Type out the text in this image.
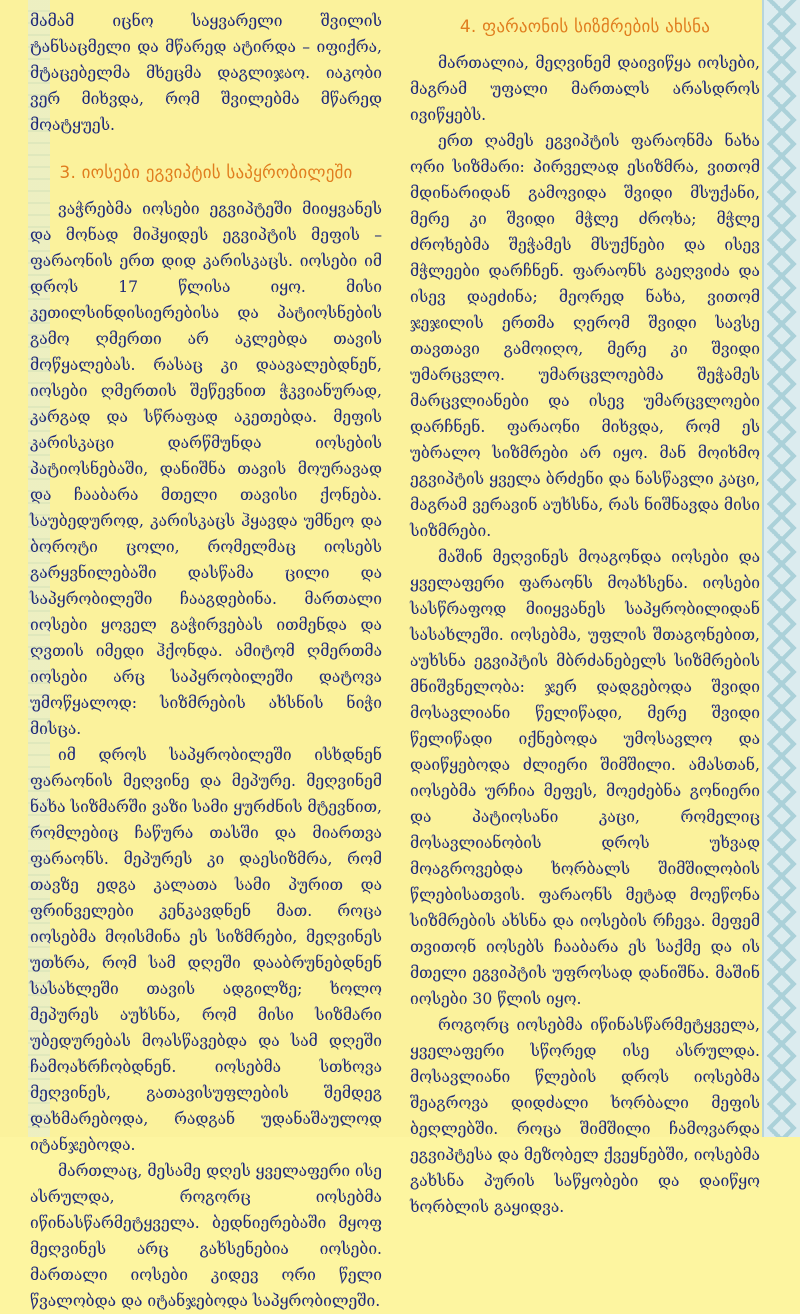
მამამ იცნო საყვარელი შვილის ტანსაცმელი და მწარედ ატირდა – იფიქრა, მტაცებელმა მხეცმა დაგლიჯაო. იაკობი ვერ მიხვდა, რომ შვილებმა მწარედ მოატყუეს.

3. იოსები ეგვიპტის საპყრობილეში

ვაჭრებმა იოსები ეგვიპტეში მიიყვანეს და მონად მიჰყიდეს ეგვიპტის მეფის – ფარაონის ერთ დიდ კარისკაცს. იოსები იმ დროს 17 წლისა იყო. მისი კეთილსინდისიერებისა და პატიოსნების გამო ღმერთი არ აკლებდა თავის მოწყალებას. რასაც კი დაავალებდნენ, იოსები ღმერთის შეწევნით ჭკვიანურად, კარგად და სწრაფად აკეთებდა. მეფის კარისკაცი დარწმუნდა იოსების პატიოსნებაში, დანიშნა თავის მოურავად და ჩააბარა მთელი თავისი ქონება. საუბედუროდ, კარისკაცს ჰყავდა უმნეო და ბოროტი ცოლი, რომელმაც იოსებს გარყვნილებაში დასწამა ცილი და საპყრობილეში ჩააგდებინა. მართალი იოსები ყოველ გაჭირვებას ითმენდა და ღვთის იმედი ჰქონდა. ამიტომ ღმერთმა იოსები არც საპყრობილეში დატოვა უმოწყალოდ: სიზმრების ახსნის ნიჭი მისცა.

იმ დროს საპყრობილეში ისხდნენ ფარაონის მეღვინე და მეპურე. მეღვინემ ნახა სიზმარში ვაზი სამი ყურძნის მტევნით, რომლებიც ჩაწურა თასში და მიართვა ფარაონს. მეპურეს კი დაესიზმრა, რომ თავზე ედგა კალათა სამი პურით და ფრინველები კენკავდნენ მათ. როცა იოსებმა მოისმინა ეს სიზმრები, მეღვინეს უთხრა, რომ სამ დღეში დააბრუნებდნენ სასახლეში თავის ადგილზე; ხოლო მეპურეს აუხსნა, რომ მისი სიზმარი უბედურებას მოასწავებდა და სამ დღეში ჩამოახრჩობდნენ. იოსებმა სთხოვა მეღვინეს, გათავისუფლების შემდეგ დახმარებოდა, რადგან უდანაშაულოდ იტანჯებოდა.

მართლაც, მესამე დღეს ყველაფერი ისე ასრულდა, როგორც იოსებმა იწინასწარმეტყველა. ბედნიერებაში მყოფ მეღვინეს არც გახსენებია იოსები. მართალი იოსები კიდევ ორი წელი წვალობდა და იტანჯებოდა საპყრობილეში.

4. ფარაონის სიზმრების ახსნა

მართალია, მეღვინემ დაივიწყა იოსები, მაგრამ უფალი მართალს არასდროს ივიწყებს.

ერთ ღამეს ეგვიპტის ფარაონმა ნახა ორი სიზმარი: პირველად ესიზმრა, ვითომ მდინარიდან გამოვიდა შვიდი მსუქანი, მერე კი შვიდი მჭლე ძროხა; მჭლე ძროხებმა შეჭამეს მსუქნები და ისევ მჭლეები დარჩნენ. ფარაონს გაეღვიძა და ისევ დაეძინა; მეორედ ნახა, ვითომ ჯეჯილის ერთმა ღერომ შვიდი სავსე თავთავი გამოიღო, მერე კი შვიდი უმარცვლო. უმარცვლოებმა შეჭამეს მარცვლიანები და ისევ უმარცვლოები დარჩნენ. ფარაონი მიხვდა, რომ ეს უბრალო სიზმრები არ იყო. მან მოიხმო ეგვიპტის ყველა ბრძენი და ნასწავლი კაცი, მაგრამ ვერავინ აუხსნა, რას ნიშნავდა მისი სიზმრები.

მაშინ მეღვინეს მოაგონდა იოსები და ყველაფერი ფარაონს მოახსენა. იოსები სასწრაფოდ მიიყვანეს საპყრობილიდან სასახლეში. იოსებმა, უფლის შთაგონებით, აუხსნა ეგვიპტის მბრძანებელს სიზმრების მნიშვნელობა: ჯერ დადგებოდა შვიდი მოსავლიანი წელიწადი, მერე შვიდი წელიწადი იქნებოდა უმოსავლო და დაიწყებოდა ძლიერი შიმშილი. ამასთან, იოსებმა ურჩია მეფეს, მოეძებნა გონიერი და პატიოსანი კაცი, რომელიც მოსავლიანობის დროს უხვად მოაგროვებდა ხორბალს შიმშილობის წლებისათვის. ფარაონს მეტად მოეწონა სიზმრების ახსნა და იოსების რჩევა. მეფემ თვითონ იოსებს ჩააბარა ეს საქმე და ის მთელი ეგვიპტის უფროსად დანიშნა. მაშინ იოსები 30 წლის იყო.

როგორც იოსებმა იწინასწარმეტყველა, ყველაფერი სწორედ ისე ასრულდა. მოსავლიანი წლების დროს იოსებმა შეაგროვა დიდძალი ხორბალი მეფის ბეღლებში. როცა შიმშილი ჩამოვარდა ეგვიპტესა და მეზობელ ქვეყნებში, იოსებმა გახსნა პურის საწყობები და დაიწყო ხორბლის გაყიდვა.
